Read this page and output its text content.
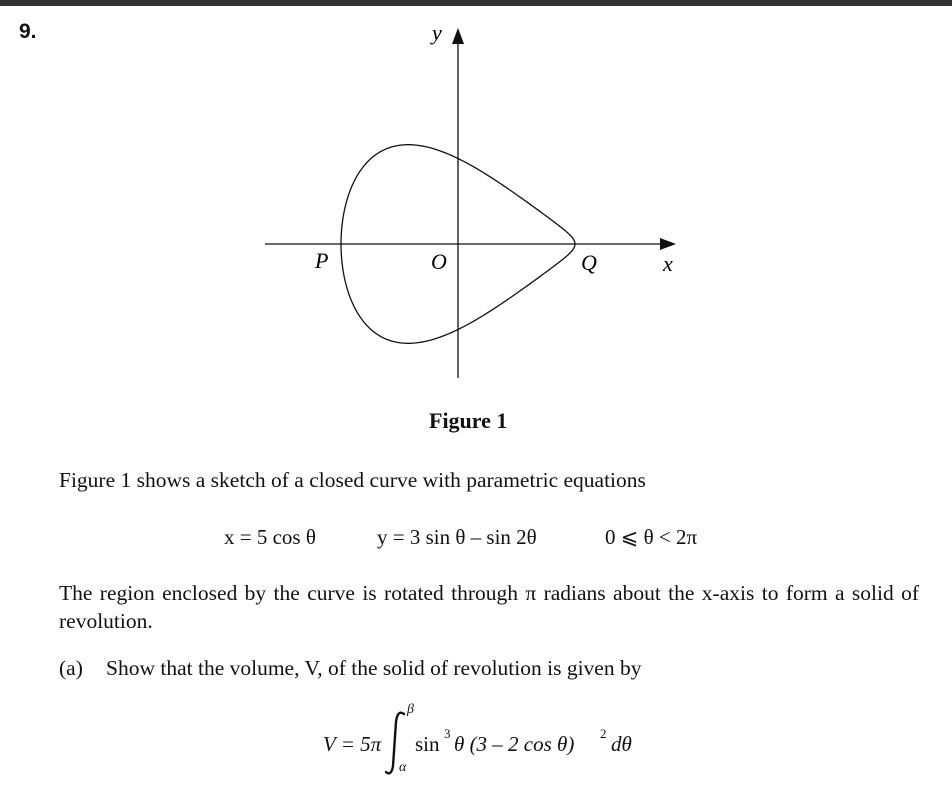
9.	y
x
O
P	Q
Figure 1
Figure 1 shows a sketch of a closed curve with parametric equations
x = 5 cos θ	y = 3 sin θ – sin 2θ	0 ⩽ θ < 2π
The region enclosed by the curve is rotated through π radians about the x-axis to form a solid of revolution.
(a) Show that the volume, V, of the solid of revolution is given by
V = 5π
β
α
sin 3 θ (3 – 2 cos θ) 2 dθ
